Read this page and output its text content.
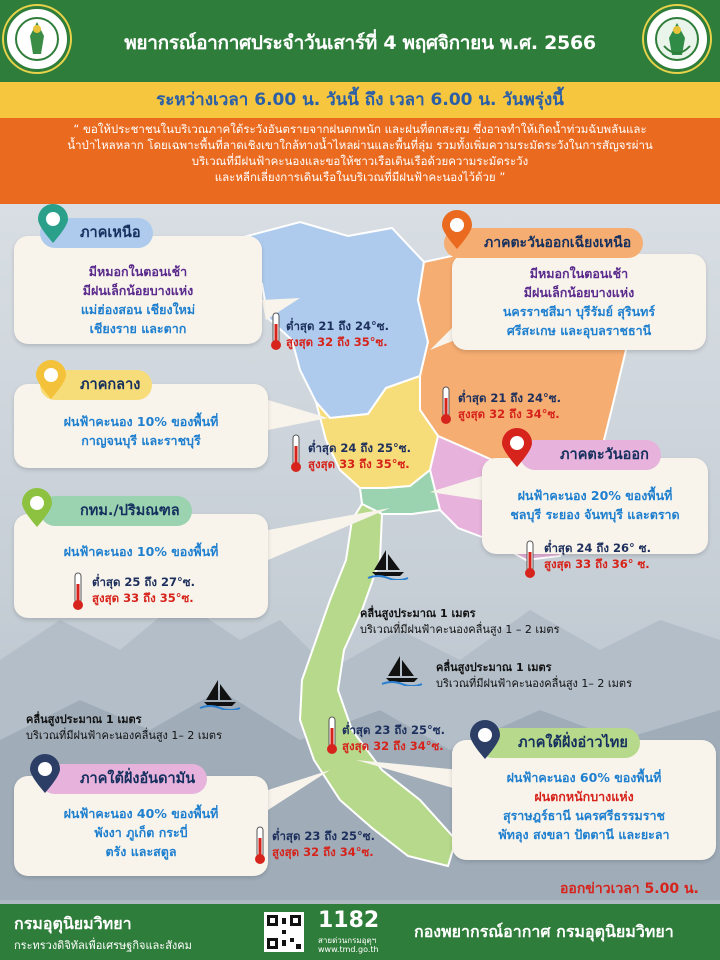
พยากรณ์อากาศประจำวันเสาร์ที่ 4 พฤศจิกายน พ.ศ. 2566
ระหว่างเวลา 6.00 น. วันนี้ ถึง เวลา 6.00 น. วันพรุ่งนี้
“ ขอให้ประชาชนในบริเวณภาคใต้ระวังอันตรายจากฝนตกหนัก และฝนที่ตกสะสม ซึ่งอาจทำให้เกิดน้ำท่วมฉับพลันและ
น้ำป่าไหลหลาก โดยเฉพาะพื้นที่ลาดเชิงเขาใกล้ทางน้ำไหลผ่านและพื้นที่ลุ่ม รวมทั้งเพิ่มความระมัดระวังในการสัญจรผ่าน
บริเวณที่มีฝนฟ้าคะนองและขอให้ชาวเรือเดินเรือด้วยความระมัดระวัง
และหลีกเลี่ยงการเดินเรือในบริเวณที่มีฝนฟ้าคะนองไว้ด้วย ”
มีหมอกในตอนเช้า
มีฝนเล็กน้อยบางแห่ง
แม่ฮ่องสอน เชียงใหม่
เชียงราย และตาก
ภาคเหนือ
มีหมอกในตอนเช้า
มีฝนเล็กน้อยบางแห่ง
นครราชสีมา บุรีรัมย์ สุรินทร์
ศรีสะเกษ และอุบลราชธานี
ภาคตะวันออกเฉียงเหนือ
ฝนฟ้าคะนอง 10% ของพื้นที่
กาญจนบุรี และราชบุรี
ภาคกลาง
ฝนฟ้าคะนอง 20% ของพื้นที่
ชลบุรี ระยอง จันทบุรี และตราด
ภาคตะวันออก
ฝนฟ้าคะนอง 10% ของพื้นที่
กทม./ปริมณฑล
ฝนฟ้าคะนอง 60% ของพื้นที่
ฝนตกหนักบางแห่ง
สุราษฎร์ธานี นครศรีธรรมราช
พัทลุง สงขลา ปัตตานี และยะลา
ภาคใต้ฝั่งอ่าวไทย
ฝนฟ้าคะนอง 40% ของพื้นที่
พังงา ภูเก็ต กระบี่
ตรัง และสตูล
ภาคใต้ฝั่งอันดามัน
ต่ำสุด 21 ถึง 24°ซ.
สูงสุด 32 ถึง 35°ซ.
ต่ำสุด 21 ถึง 24°ซ.
สูงสุด 32 ถึง 34°ซ.
ต่ำสุด 24 ถึง 25°ซ.
สูงสุด 33 ถึง 35°ซ.
ต่ำสุด 24 ถึง 26° ซ.
สูงสุด 33 ถึง 36° ซ.
ต่ำสุด 25 ถึง 27°ซ.
สูงสุด 33 ถึง 35°ซ.
ต่ำสุด 23 ถึง 25°ซ.
สูงสุด 32 ถึง 34°ซ.
ต่ำสุด 23 ถึง 25°ซ.
สูงสุด 32 ถึง 34°ซ.
คลื่นสูงประมาณ 1 เมตร
บริเวณที่มีฝนฟ้าคะนองคลื่นสูง 1 – 2 เมตร
คลื่นสูงประมาณ 1 เมตร
บริเวณที่มีฝนฟ้าคะนองคลื่นสูง 1– 2 เมตร
คลื่นสูงประมาณ 1 เมตร
บริเวณที่มีฝนฟ้าคะนองคลื่นสูง 1– 2 เมตร
ออกข่าวเวลา 5.00 น.
กรมอุตุนิยมวิทยา
กระทรวงดิจิทัลเพื่อเศรษฐกิจและสังคม
1182
สายด่วนกรมอุตุฯ
www.tmd.go.th
กองพยากรณ์อากาศ กรมอุตุนิยมวิทยา
